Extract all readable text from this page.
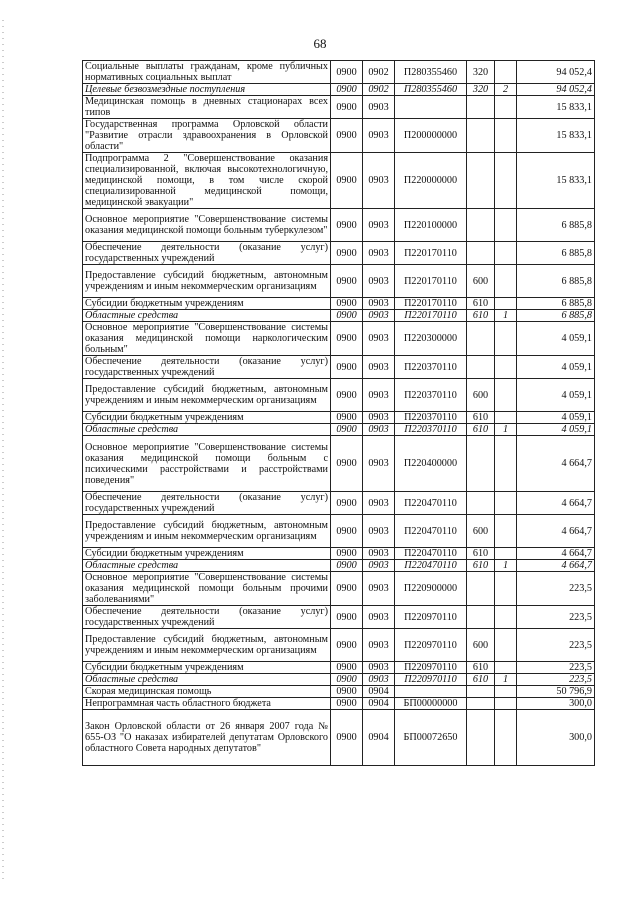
68
Социальные выплаты гражданам, кроме публичных нормативных социальных выплат	0900	0902	П280355460	320		94 052,4
Целевые безвозмездные поступления	0900	0902	П280355460	320	2	94 052,4
Медицинская помощь в дневных стационарах всех типов	0900	0903				15 833,1
Государственная программа Орловской области "Развитие отрасли здравоохранения в Орловской области"	0900	0903	П200000000			15 833,1
Подпрограмма 2 "Совершенствование оказания специализированной, включая высокотехнологичную, медицинской помощи, в том числе скорой специализированной медицинской помощи, медицинской эвакуации"	0900	0903	П220000000			15 833,1
Основное мероприятие "Совершенствование системы оказания медицинской помощи больным туберкулезом"	0900	0903	П220100000			6 885,8
Обеспечение деятельности (оказание услуг) государственных учреждений	0900	0903	П220170110			6 885,8
Предоставление субсидий бюджетным, автономным учреждениям и иным некоммерческим организациям	0900	0903	П220170110	600		6 885,8
Субсидии бюджетным учреждениям	0900	0903	П220170110	610		6 885,8
Областные средства	0900	0903	П220170110	610	1	6 885,8
Основное мероприятие "Совершенствование системы оказания медицинской помощи наркологическим больным"	0900	0903	П220300000			4 059,1
Обеспечение деятельности (оказание услуг) государственных учреждений	0900	0903	П220370110			4 059,1
Предоставление субсидий бюджетным, автономным учреждениям и иным некоммерческим организациям	0900	0903	П220370110	600		4 059,1
Субсидии бюджетным учреждениям	0900	0903	П220370110	610		4 059,1
Областные средства	0900	0903	П220370110	610	1	4 059,1
Основное мероприятие "Совершенствование системы оказания медицинской помощи больным с психическими расстройствами и расстройствами поведения"	0900	0903	П220400000			4 664,7
Обеспечение деятельности (оказание услуг) государственных учреждений	0900	0903	П220470110			4 664,7
Предоставление субсидий бюджетным, автономным учреждениям и иным некоммерческим организациям	0900	0903	П220470110	600		4 664,7
Субсидии бюджетным учреждениям	0900	0903	П220470110	610		4 664,7
Областные средства	0900	0903	П220470110	610	1	4 664,7
Основное мероприятие "Совершенствование системы оказания медицинской помощи больным прочими заболеваниями"	0900	0903	П220900000			223,5
Обеспечение деятельности (оказание услуг) государственных учреждений	0900	0903	П220970110			223,5
Предоставление субсидий бюджетным, автономным учреждениям и иным некоммерческим организациям	0900	0903	П220970110	600		223,5
Субсидии бюджетным учреждениям	0900	0903	П220970110	610		223,5
Областные средства	0900	0903	П220970110	610	1	223,5
Скорая медицинская помощь	0900	0904				50 796,9
Непрограммная часть областного бюджета	0900	0904	БП00000000			300,0
Закон Орловской области от 26 января 2007 года № 655-ОЗ "О наказах избирателей депутатам Орловского областного Совета народных депутатов"	0900	0904	БП00072650			300,0
